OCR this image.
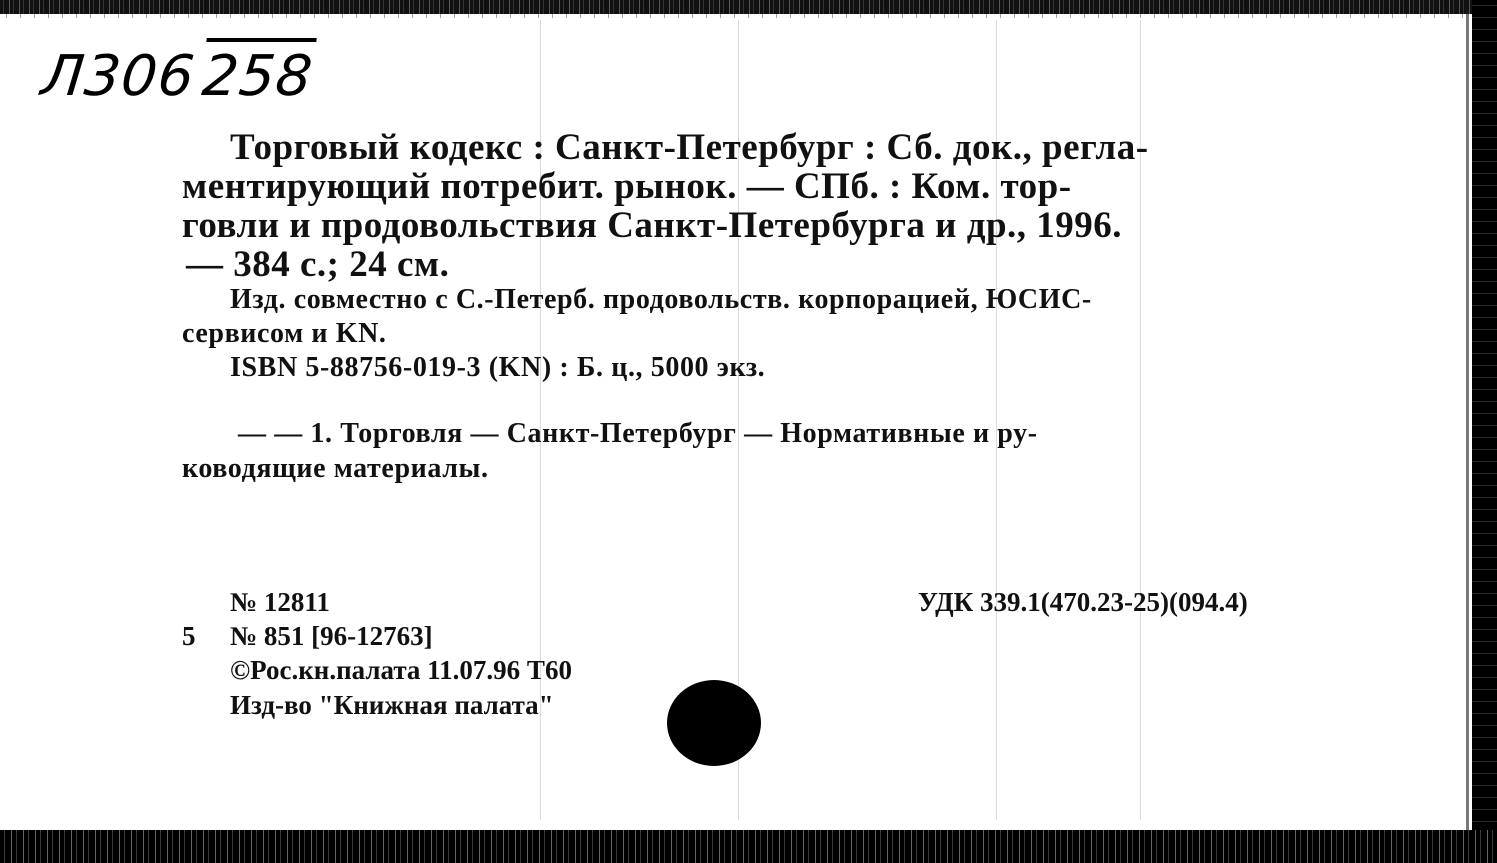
Л306258
Торговый кодекс : Санкт-Петербург : Сб. док., регла-
ментирующий потребит. рынок. — СПб. : Ком. тор-
говли и продовольствия Санкт-Петербурга и др., 1996.
— 384 с.; 24 см.
Изд. совместно с С.-Петерб. продовольств. корпорацией, ЮСИС-
сервисом и KN.
ISBN 5-88756-019-3 (KN) : Б. ц., 5000 экз.
— — 1. Торговля — Санкт-Петербург — Нормативные и ру-
ководящие материалы.
№ 12811
5 № 851 [96-12763]
©Рос.кн.палата 11.07.96 Т60
Изд-во "Книжная палата"
УДК 339.1(470.23-25)(094.4)
